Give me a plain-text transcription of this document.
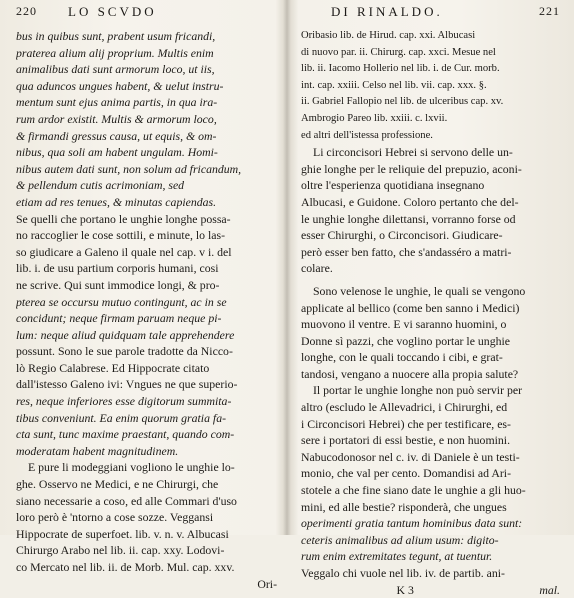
220	LO SCVDO
bus in quibus sunt, prabent usum fricandi,
praterea alium alij proprium. Multis enim
animalibus dati sunt armorum loco, ut iis,
qua aduncos ungues habent, & uelut instru-
mentum sunt ejus anima partis, in qua ira-
rum ardor existit. Multis & armorum loco,
& firmandi gressus causa, ut equis, & om-
nibus, qua soli am habent ungulam. Homi-
nibus autem dati sunt, non solum ad fricandum,
& pellendum cutis acrimoniam, sed
etiam ad res tenues, & minutas capiendas.
Se quelli che portano le unghie longhe possa-
no raccoglier le cose sottili, e minute, lo las-
so giudicare a Galeno il quale nel cap. v i. del
lib. i. de usu partium corporis humani, cosi
ne scrive. Qui sunt immodice longi, & pro-
pterea se occursu mutuo contingunt, ac in se
concidunt; neque firmam paruam neque pi-
lum: neque aliud quidquam tale apprehendere
possunt. Sono le sue parole tradotte da Nicco-
lò Regio Calabrese. Ed Hippocrate citato
dall'istesso Galeno ivi: Vngues ne que superio-
res, neque inferiores esse digitorum summita-
tibus conveniunt. Ea enim quorum gratia fa-
cta sunt, tunc maxime praestant, quando com-
moderatam habent magnitudinem.
E pure li modeggiani vogliono le unghie lo-
ghe. Osservo ne Medici, e ne Chirurgi, che
siano necessarie a coso, ed alle Commari d'uso
loro però è 'ntorno a cose sozze. Veggansi
Hippocrate de superfoet. lib. v. n. v. Albucasi
Chirurgo Arabo nel lib. ii. cap. xxy. Lodovi-
co Mercato nel lib. ii. de Morb. Mul. cap. xxv.
Ori-
DI RINALDO.	221
Oribasio lib. de Hirud. cap. xxi. Albucasi
di nuovo par. ii. Chirurg. cap. xxci. Mesue nel
lib. ii. Iacomo Hollerio nel lib. i. de Cur. morb.
int. cap. xxiii. Celso nel lib. vii. cap. xxx. §.
ii. Gabriel Fallopio nel lib. de ulceribus cap. xv.
Ambrogio Pareo lib. xxiii. c. lxvii.
ed altri dell'istessa professione.
Li circoncisori Hebrei si servono delle un-
ghie longhe per le reliquie del prepuzio, aconi-
oltre l'esperienza quotidiana insegnano
Albucasi, e Guidone. Coloro pertanto che del-
le unghie longhe dilettansi, vorranno forse od
esser Chirurghi, o Circoncisori. Giudicare-
però esser ben fatto, che s'andasséro a matri-
colare.
Sono velenose le unghie, le quali se vengono
applicate al bellico (come ben sanno i Medici)
muovono il ventre. E vi saranno huomini, o
Donne sì pazzi, che voglino portar le unghie
longhe, con le quali toccando i cibi, e grat-
tandosi, vengano a nuocere alla propia salute?
Il portar le unghie longhe non può servir per
altro (escludo le Allevadrici, i Chirurghi, ed
i Circoncisori Hebrei) che per testificare, es-
sere i portatori di essi bestie, e non huomini.
Nabucodonosor nel c. iv. di Daniele è un testi-
monio, che val per cento. Domandisi ad Ari-
stotele a che fine siano date le unghie a gli huo-
mini, ed alle bestie? risponderà, che ungues
operimenti gratia tantum hominibus data sunt:
ceteris animalibus ad alium usum: digito-
rum enim extremitates tegunt, at tuentur.
Veggalo chi vuole nel lib. iv. de partib. ani-
K 3	mal.
